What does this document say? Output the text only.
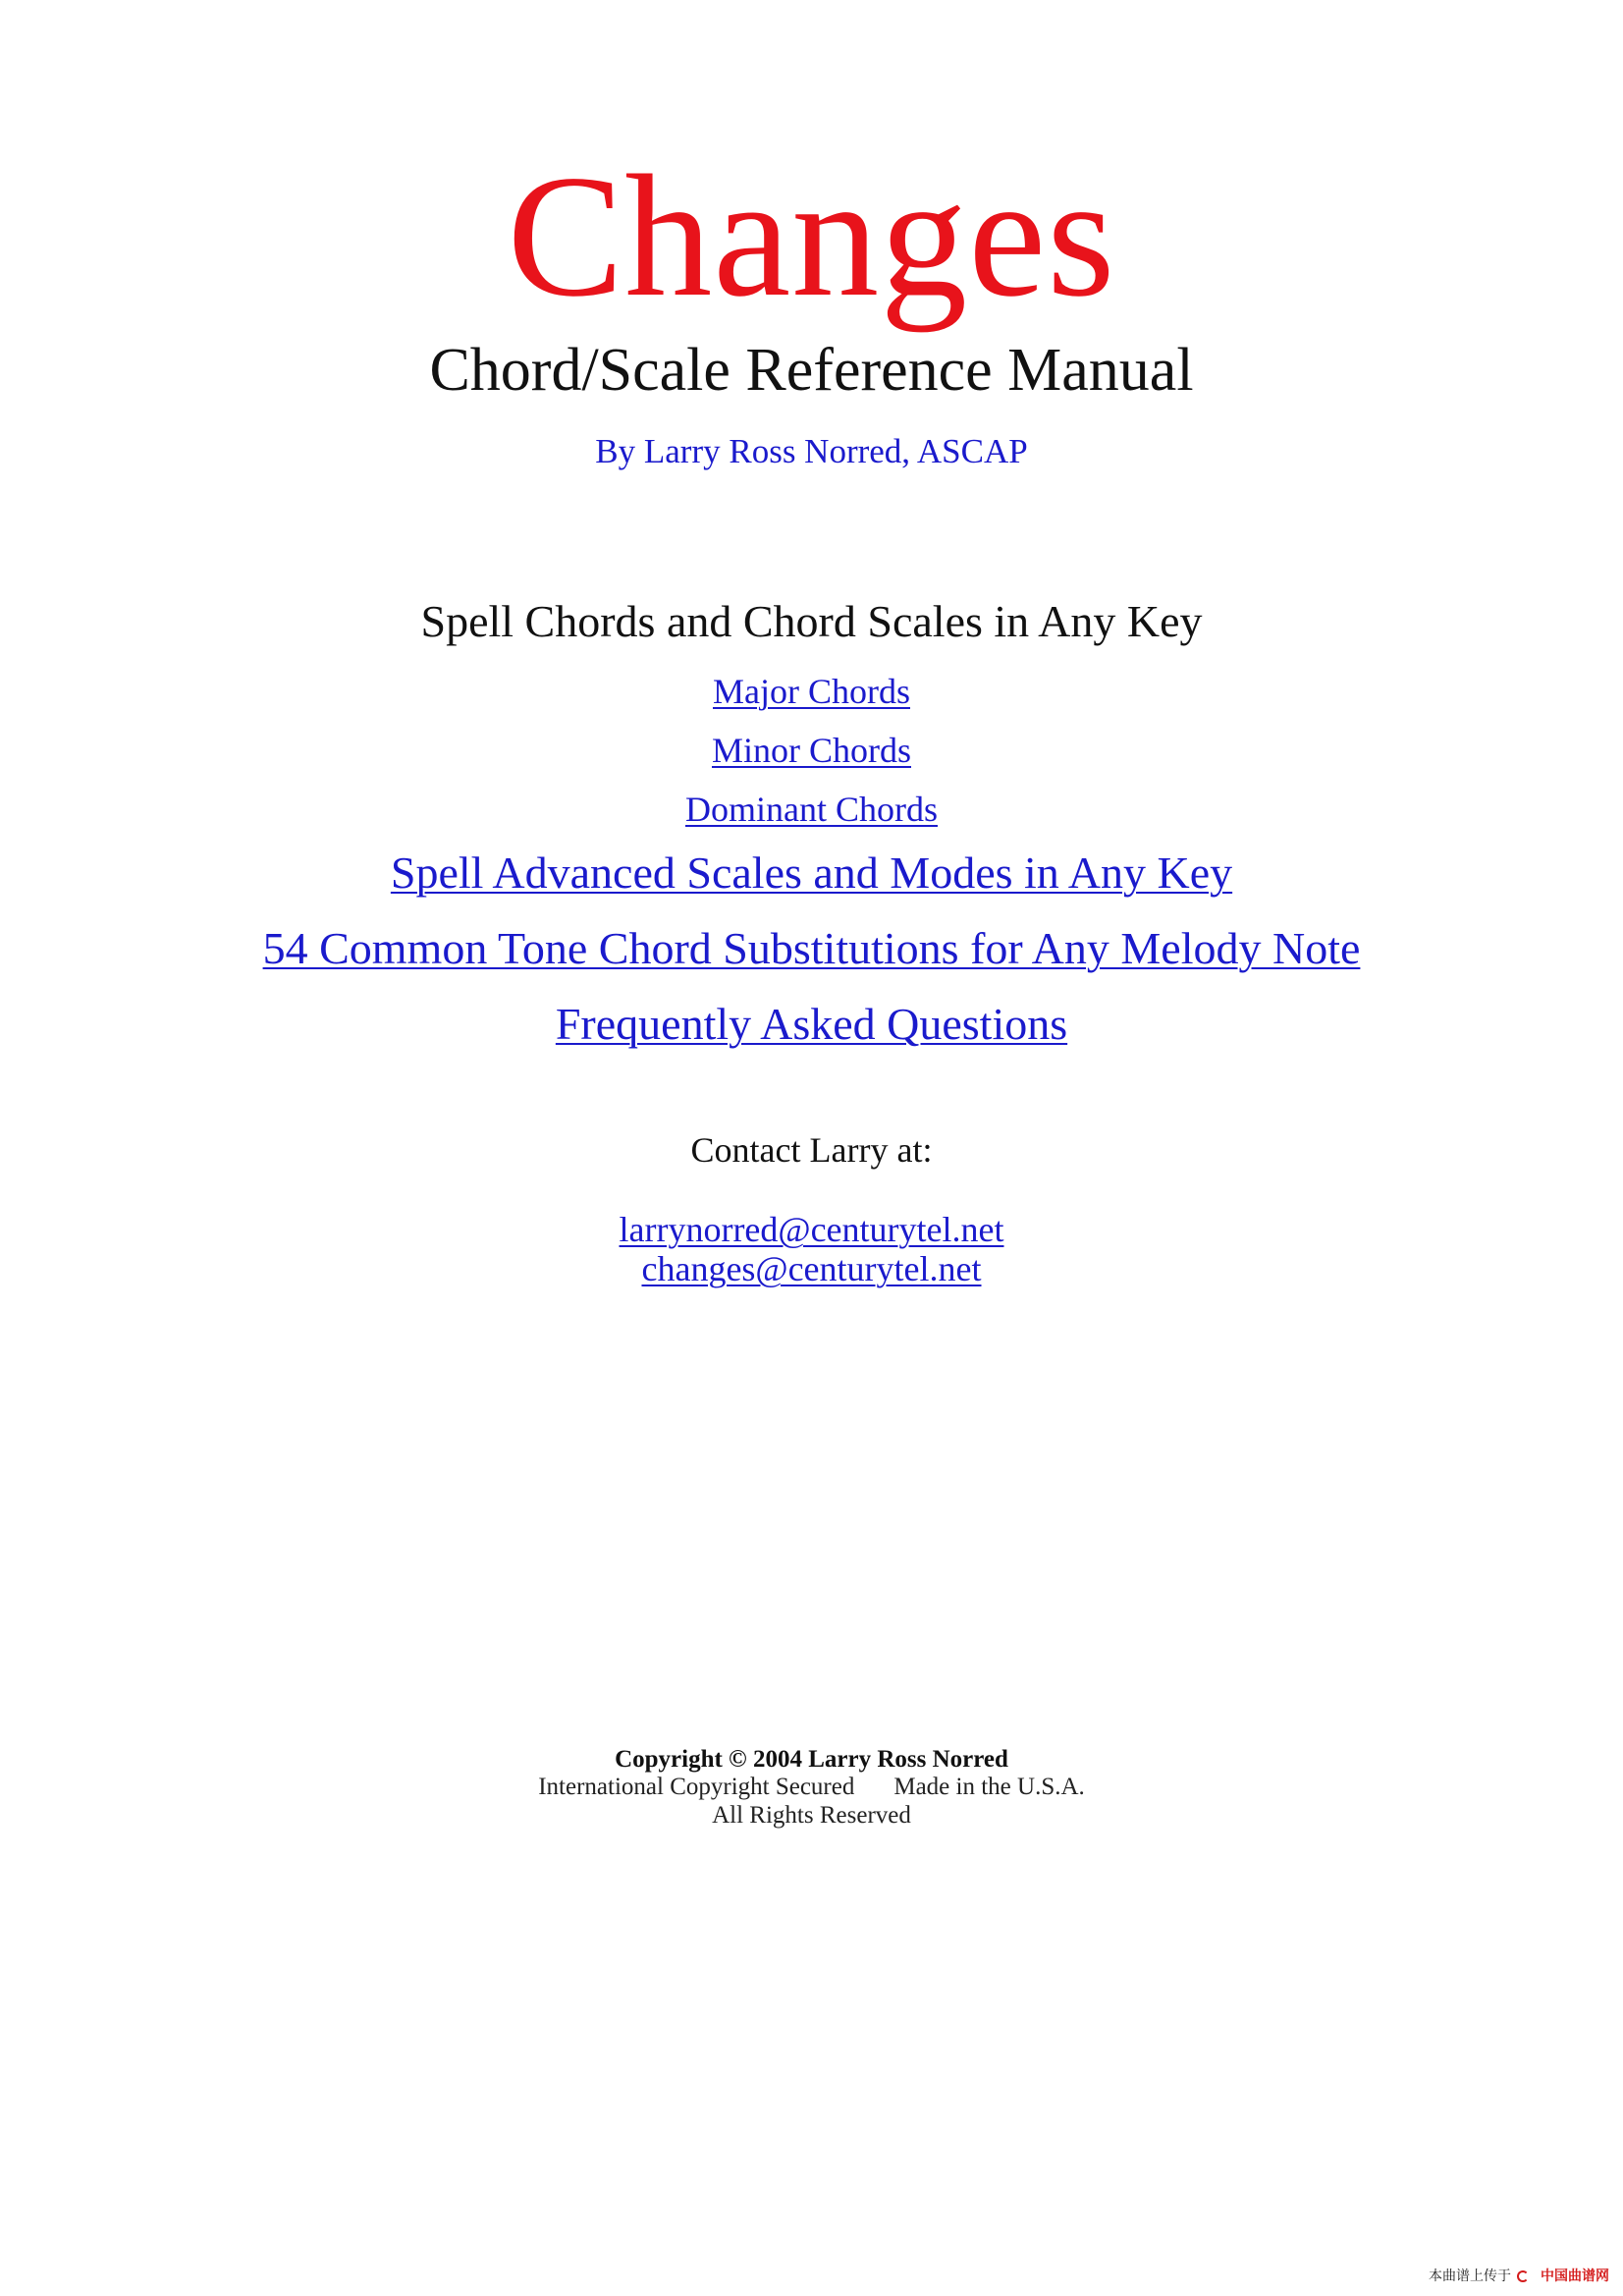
Changes
Chord/Scale Reference Manual
By Larry Ross Norred, ASCAP
Spell Chords and Chord Scales in Any Key
Major Chords
Minor Chords
Dominant Chords
Spell Advanced Scales and Modes in Any Key
54 Common Tone Chord Substitutions for Any Melody Note
Frequently Asked Questions
Contact Larry at:
larrynorred@centurytel.net
changes@centurytel.net
Copyright © 2004 Larry Ross Norred
International Copyright Secured Made in the U.S.A.
All Rights Reserved
本曲谱上传于 中国曲谱网
